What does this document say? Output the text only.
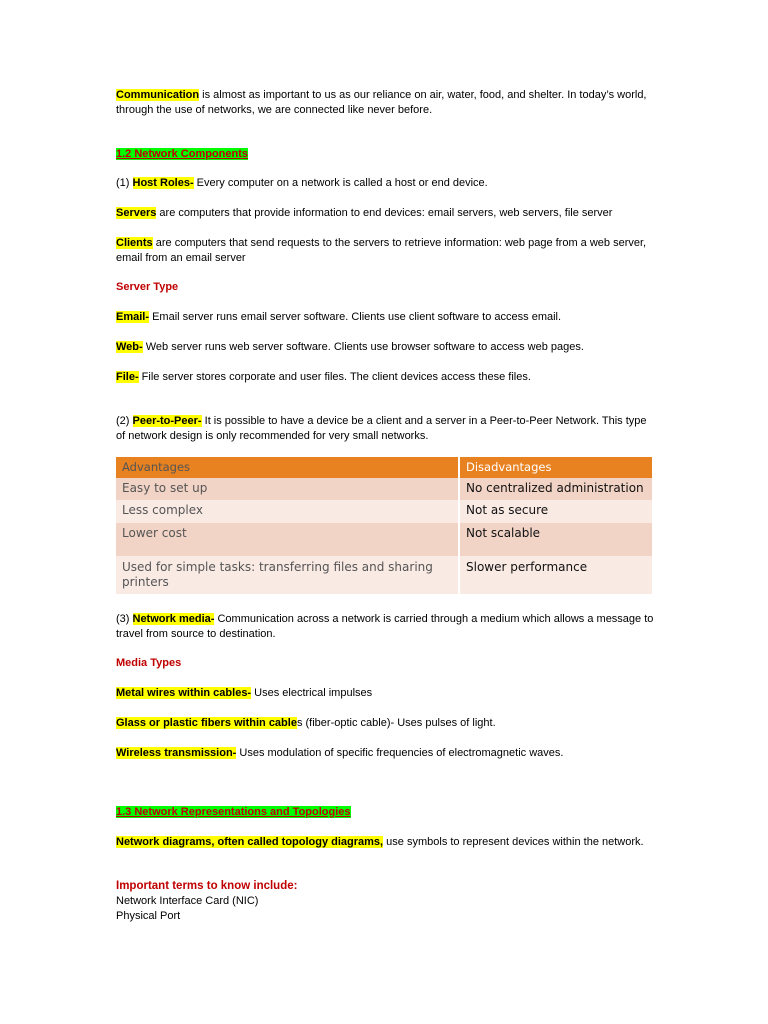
Communication is almost as important to us as our reliance on air, water, food, and shelter. In today’s world, through the use of networks, we are connected like never before.

1.2 Network Components

(1) Host Roles- Every computer on a network is called a host or end device.

Servers are computers that provide information to end devices: email servers, web servers, file server

Clients are computers that send requests to the servers to retrieve information: web page from a web server, email from an email server

Server Type

Email- Email server runs email server software. Clients use client software to access email.

Web- Web server runs web server software. Clients use browser software to access web pages.

File- File server stores corporate and user files. The client devices access these files.

(2) Peer-to-Peer- It is possible to have a device be a client and a server in a Peer-to-Peer Network. This type of network design is only recommended for very small networks.

Advantages	Disadvantages
Easy to set up	No centralized administration
Less complex	Not as secure
Lower cost	Not scalable
Used for simple tasks: transferring files and sharing printers	Slower performance

(3) Network media- Communication across a network is carried through a medium which allows a message to travel from source to destination.

Media Types

Metal wires within cables- Uses electrical impulses

Glass or plastic fibers within cables (fiber-optic cable)- Uses pulses of light.

Wireless transmission- Uses modulation of specific frequencies of electromagnetic waves.

1.3 Network Representations and Topologies

Network diagrams, often called topology diagrams, use symbols to represent devices within the network.

Important terms to know include:

Network Interface Card (NIC)

Physical Port
